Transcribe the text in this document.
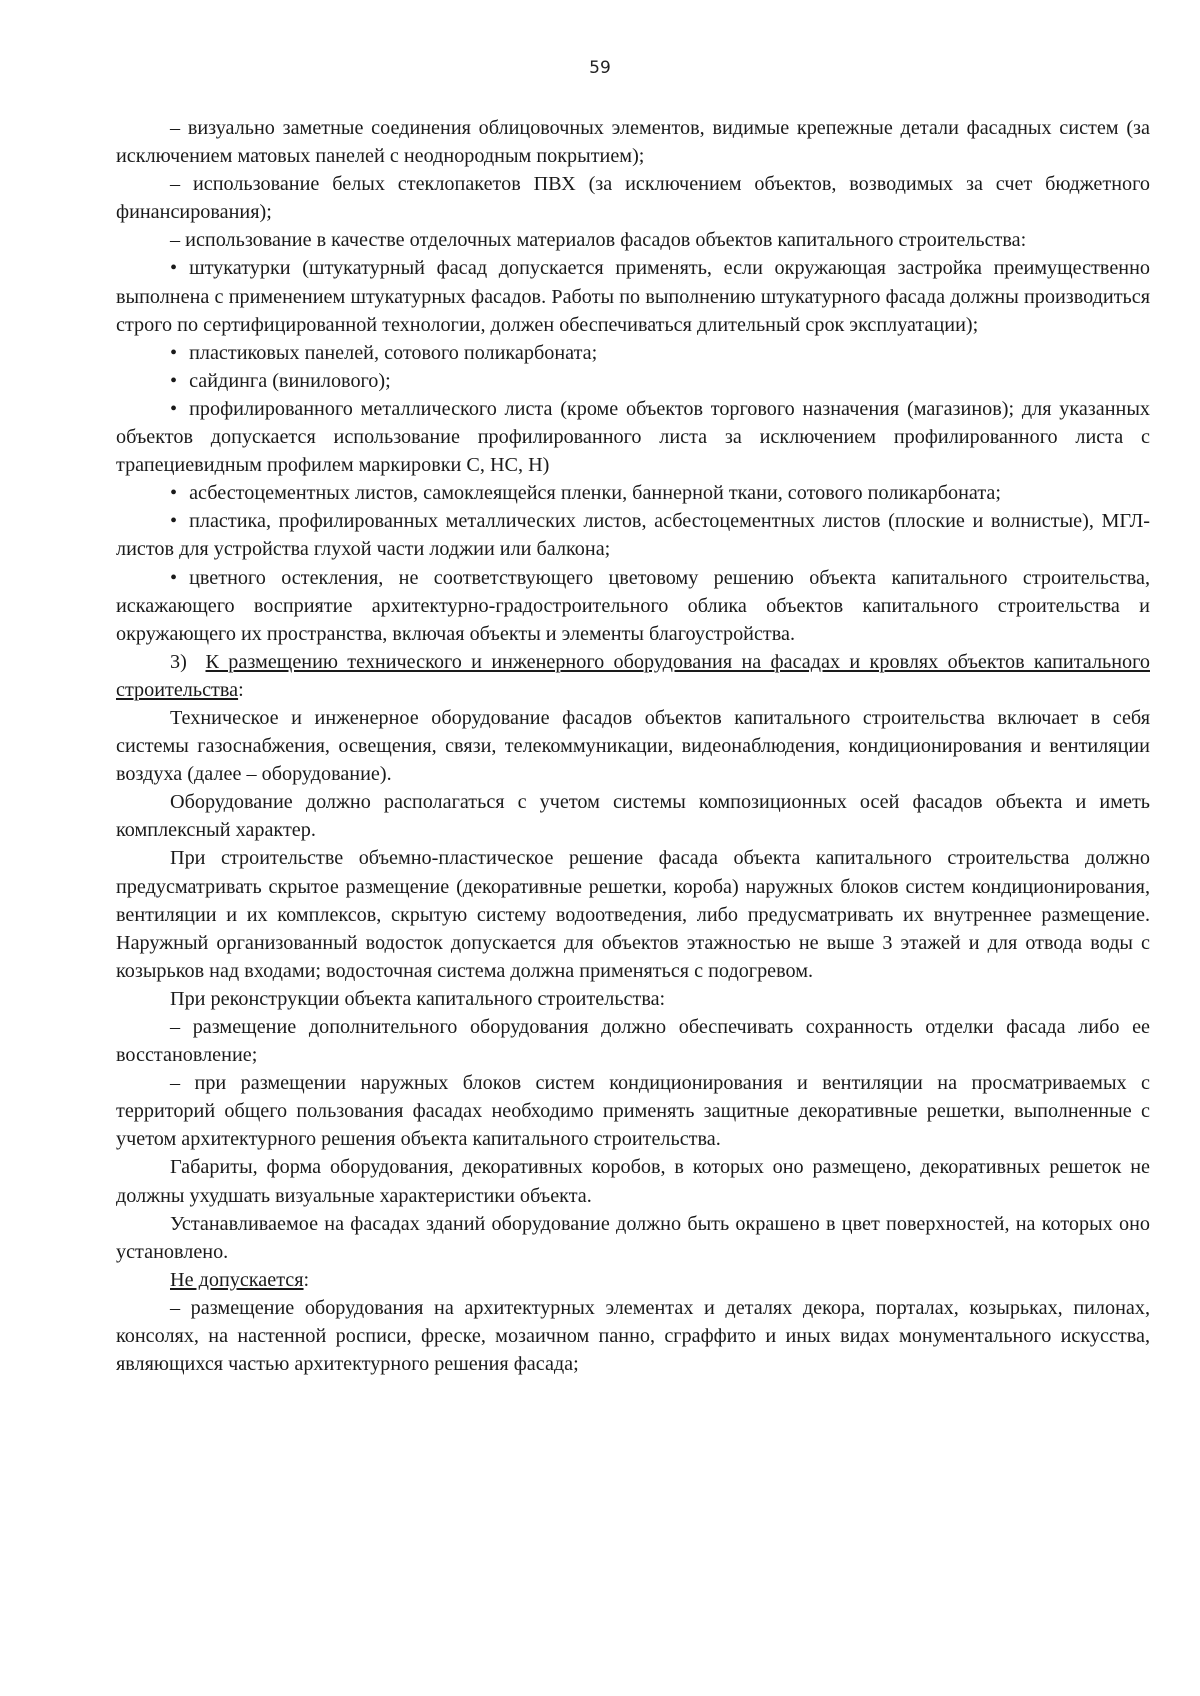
59

– визуально заметные соединения облицовочных элементов, видимые крепежные детали фасадных систем (за исключением матовых панелей с неоднородным покрытием);

– использование белых стеклопакетов ПВХ (за исключением объектов, возводимых за счет бюджетного финансирования);

– использование в качестве отделочных материалов фасадов объектов капитального строительства:

• штукатурки (штукатурный фасад допускается применять, если окружающая застройка преимущественно выполнена с применением штукатурных фасадов. Работы по выполнению штукатурного фасада должны производиться строго по сертифицированной технологии, должен обеспечиваться длительный срок эксплуатации);

• пластиковых панелей, сотового поликарбоната;

• сайдинга (винилового);

• профилированного металлического листа (кроме объектов торгового назначения (магазинов); для указанных объектов допускается использование профилированного листа за исключением профилированного листа с трапециевидным профилем маркировки С, НС, Н)

• асбестоцементных листов, самоклеящейся пленки, баннерной ткани, сотового поликарбоната;

• пластика, профилированных металлических листов, асбестоцементных листов (плоские и волнистые), МГЛ-листов для устройства глухой части лоджии или балкона;

• цветного остекления, не соответствующего цветовому решению объекта капитального строительства, искажающего восприятие архитектурно-градостроительного облика объектов капитального строительства и окружающего их пространства, включая объекты и элементы благоустройства.

3) К размещению технического и инженерного оборудования на фасадах и кровлях объектов капитального строительства:

Техническое и инженерное оборудование фасадов объектов капитального строительства включает в себя системы газоснабжения, освещения, связи, телекоммуникации, видеонаблюдения, кондиционирования и вентиляции воздуха (далее – оборудование).

Оборудование должно располагаться с учетом системы композиционных осей фасадов объекта и иметь комплексный характер.

При строительстве объемно-пластическое решение фасада объекта капитального строительства должно предусматривать скрытое размещение (декоративные решетки, короба) наружных блоков систем кондиционирования, вентиляции и их комплексов, скрытую систему водоотведения, либо предусматривать их внутреннее размещение. Наружный организованный водосток допускается для объектов этажностью не выше 3 этажей и для отвода воды с козырьков над входами; водосточная система должна применяться с подогревом.

При реконструкции объекта капитального строительства:

– размещение дополнительного оборудования должно обеспечивать сохранность отделки фасада либо ее восстановление;

– при размещении наружных блоков систем кондиционирования и вентиляции на просматриваемых с территорий общего пользования фасадах необходимо применять защитные декоративные решетки, выполненные с учетом архитектурного решения объекта капитального строительства.

Габариты, форма оборудования, декоративных коробов, в которых оно размещено, декоративных решеток не должны ухудшать визуальные характеристики объекта.

Устанавливаемое на фасадах зданий оборудование должно быть окрашено в цвет поверхностей, на которых оно установлено.

Не допускается:

– размещение оборудования на архитектурных элементах и деталях декора, порталах, козырьках, пилонах, консолях, на настенной росписи, фреске, мозаичном панно, сграффито и иных видах монументального искусства, являющихся частью архитектурного решения фасада;
